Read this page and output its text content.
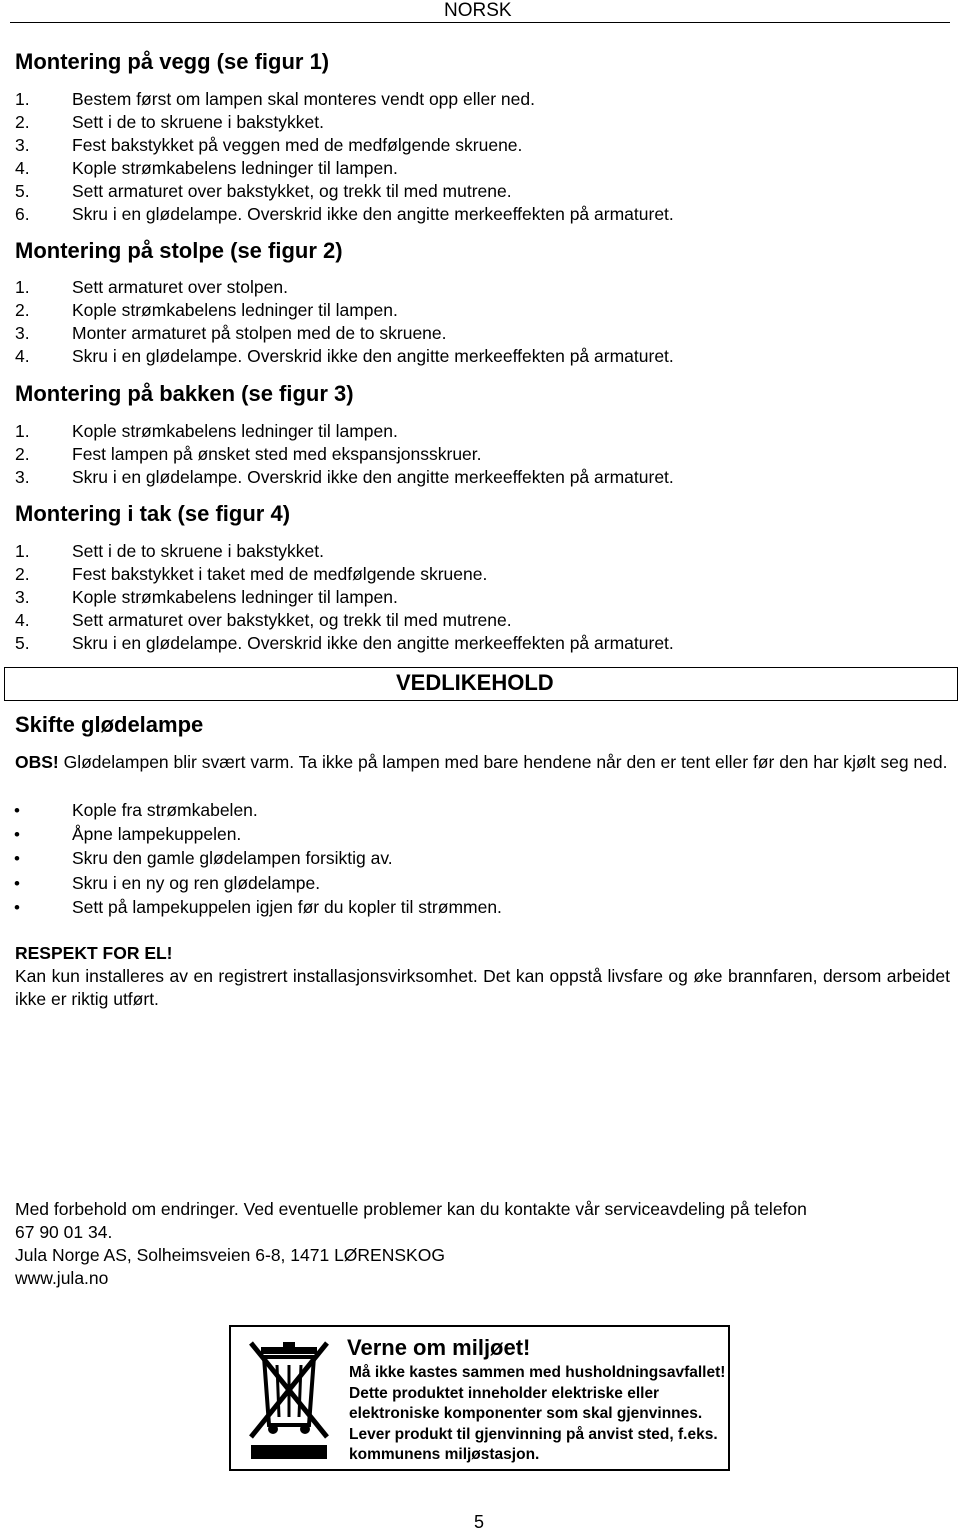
NORSK
Montering på vegg (se figur 1)
1. Bestem først om lampen skal monteres vendt opp eller ned.
2. Sett i de to skruene i bakstykket.
3. Fest bakstykket på veggen med de medfølgende skruene.
4. Kople strømkabelens ledninger til lampen.
5. Sett armaturet over bakstykket, og trekk til med mutrene.
6. Skru i en glødelampe. Overskrid ikke den angitte merkeeffekten på armaturet.
Montering på stolpe (se figur 2)
1. Sett armaturet over stolpen.
2. Kople strømkabelens ledninger til lampen.
3. Monter armaturet på stolpen med de to skruene.
4. Skru i en glødelampe. Overskrid ikke den angitte merkeeffekten på armaturet.
Montering på bakken (se figur 3)
1. Kople strømkabelens ledninger til lampen.
2. Fest lampen på ønsket sted med ekspansjonsskruer.
3. Skru i en glødelampe. Overskrid ikke den angitte merkeeffekten på armaturet.
Montering i tak (se figur 4)
1. Sett i de to skruene i bakstykket.
2. Fest bakstykket i taket med de medfølgende skruene.
3. Kople strømkabelens ledninger til lampen.
4. Sett armaturet over bakstykket, og trekk til med mutrene.
5. Skru i en glødelampe. Overskrid ikke den angitte merkeeffekten på armaturet.
VEDLIKEHOLD
Skifte glødelampe
OBS! Glødelampen blir svært varm. Ta ikke på lampen med bare hendene når den er tent eller før den har kjølt seg ned.
•Kople fra strømkabelen.
•Åpne lampekuppelen.
•Skru den gamle glødelampen forsiktig av.
•Skru i en ny og ren glødelampe.
•Sett på lampekuppelen igjen før du kopler til strømmen.
RESPEKT FOR EL!
Kan kun installeres av en registrert installasjonsvirksomhet. Det kan oppstå livsfare og øke brannfaren, dersom arbeidet ikke er riktig utført.
Med forbehold om endringer. Ved eventuelle problemer kan du kontakte vår serviceavdeling på telefon
67 90 01 34.
Jula Norge AS, Solheimsveien 6-8, 1471 LØRENSKOG
www.jula.no
Verne om miljøet!
Må ikke kastes sammen med husholdningsavfallet!
Dette produktet inneholder elektriske eller
elektroniske komponenter som skal gjenvinnes.
Lever produkt til gjenvinning på anvist sted, f.eks.
kommunens miljøstasjon.
5
